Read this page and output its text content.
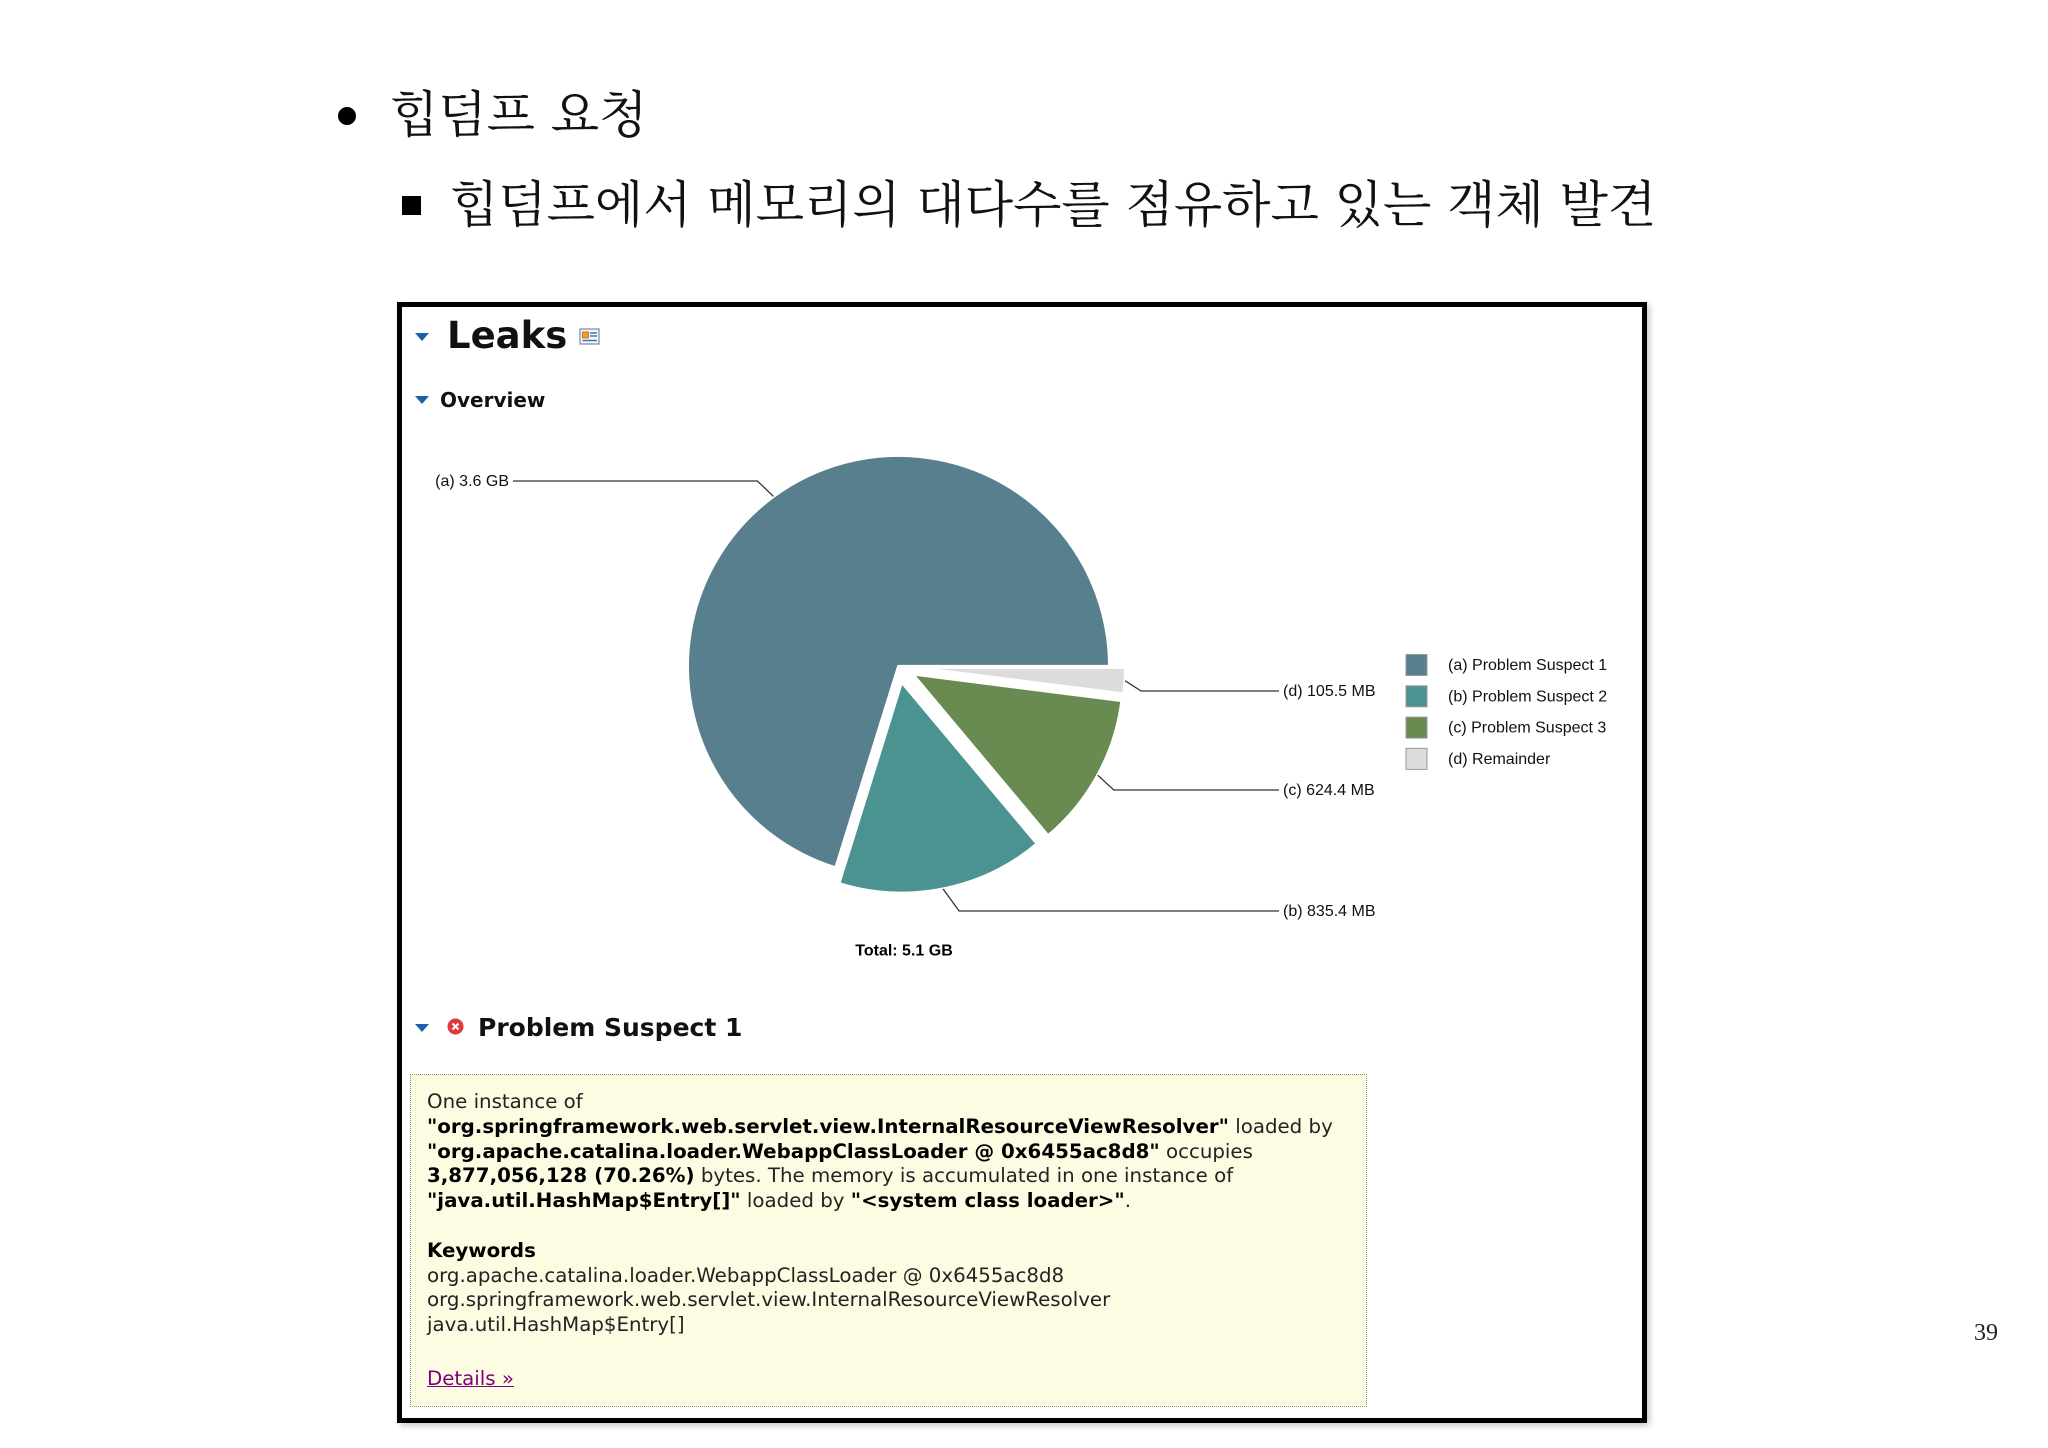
힙덤프 요청
힙덤프에서 메모리의 대다수를 점유하고 있는 객체 발견
Total: 5.1 GB
(d) 105.5 MB
(c) 624.4 MB
(b) 835.4 MB
(a) 3.6 GB
(a) Problem Suspect 1
(b) Problem Suspect 2
(c) Problem Suspect 3
(d) Remainder
Leaks
Overview
Problem Suspect 1
One instance of
"org.springframework.web.servlet.view.InternalResourceViewResolver" loaded by
"org.apache.catalina.loader.WebappClassLoader @ 0x6455ac8d8" occupies
3,877,056,128 (70.26%) bytes. The memory is accumulated in one instance of
"java.util.HashMap$Entry[]" loaded by "<system class loader>".
Keywords
org.apache.catalina.loader.WebappClassLoader @ 0x6455ac8d8
org.springframework.web.servlet.view.InternalResourceViewResolver
java.util.HashMap$Entry[]
Details »
39
